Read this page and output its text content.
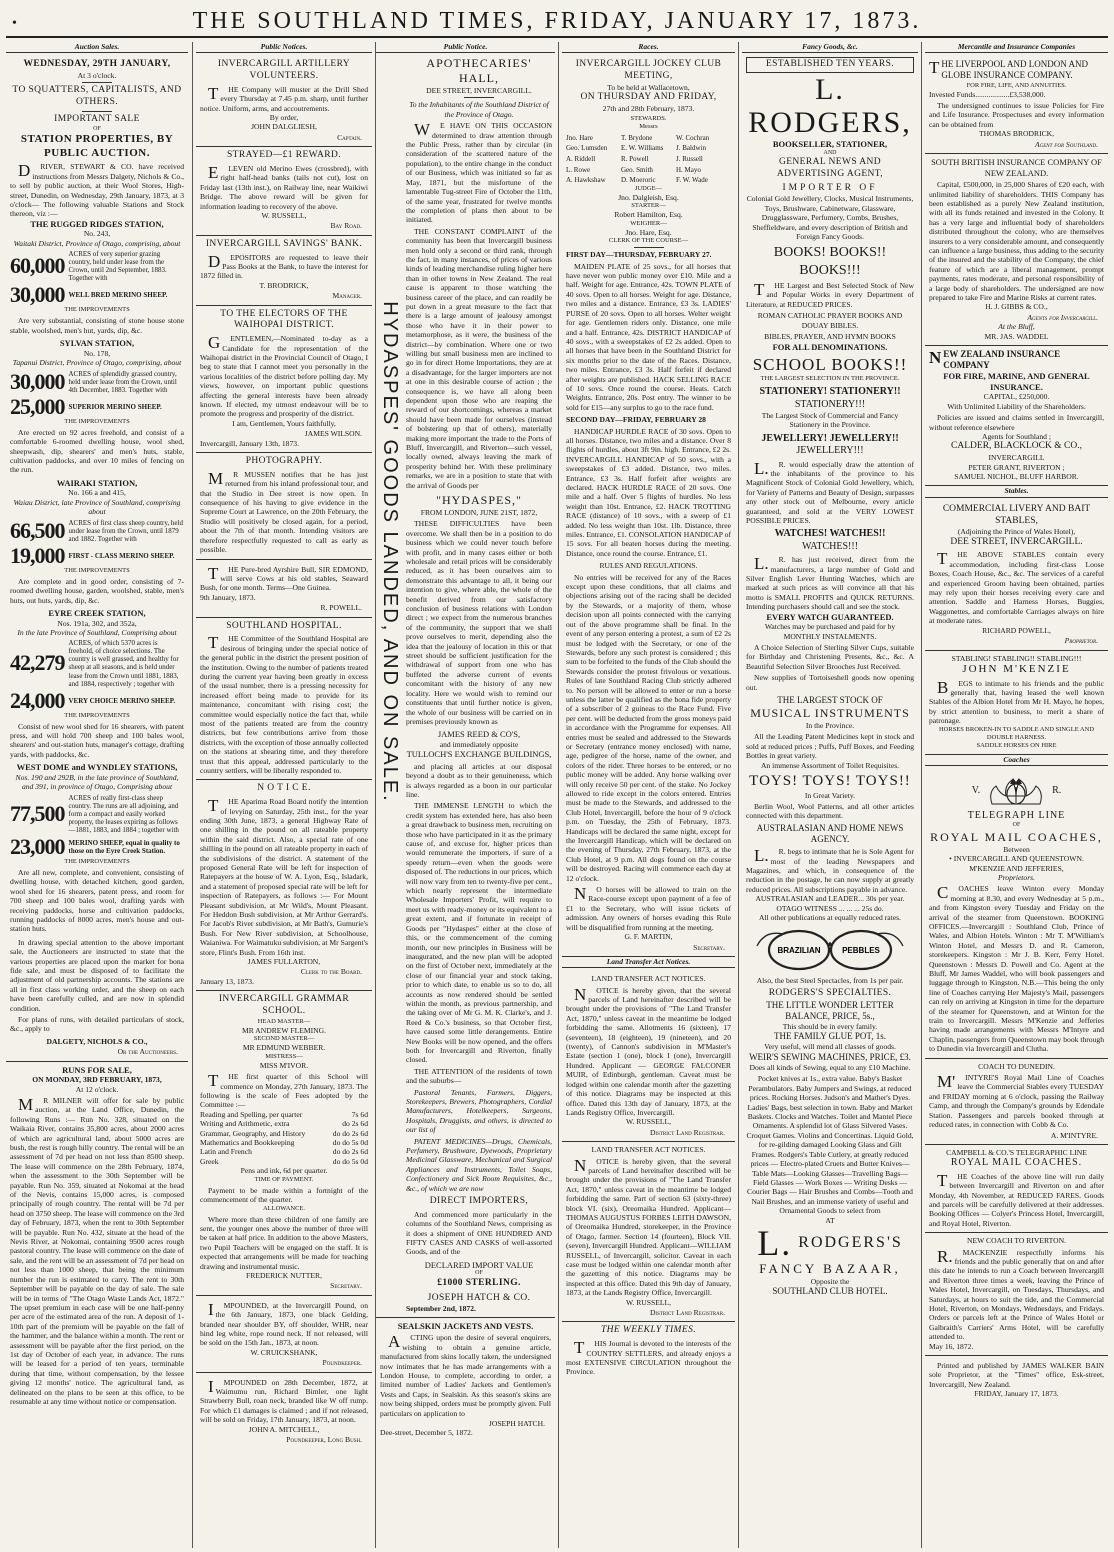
•	THE SOUTHLAND TIMES, FRIDAY, JANUARY 17, 1873.
Auction Sales.
WEDNESDAY, 29TH JANUARY,
At 3 o'clock.
TO SQUATTERS, CAPITALISTS, AND OTHERS.
IMPORTANT SALE
OF
STATION PROPERTIES, BY PUBLIC AUCTION.
DRIVER, STEWART & CO. have received instructions from Messrs Dalgety, Nichols & Co., to sell by public auction, at their Wool Stores, High-street, Dunedin, on Wednesday, 29th January, 1873, at 3 o'clock— The following valuable Stations and Stock thereon, viz :—
THE RUGGED RIDGES STATION,
No. 243,
Waitaki District, Province of Otago, comprising, about
60,000 ACRES of very superior grazing country, held under lease from the Crown, until 2nd September, 1883. Together with
30,000 WELL BRED MERINO SHEEP.
THE IMPROVEMENTS
Are very substantial, consisting of stone house stone stable, woolshed, men's hut, yards, dip, &c.
SYLVAN STATION,
No. 178,
Tapanui District, Province of Otago, comprising, about
30,000 ACRES of splendidly grassed country, held under lease from the Crown, until 4th December, 1883. Together with
25,000 SUPERIOR MERINO SHEEP.
THE IMPROVEMENTS
Are erected on 92 acres freehold, and consist of a comfortable 6-roomed dwelling house, wool shed, sheepwash, dip, shearers' and men's huts, stable, cultivation paddocks, and over 10 miles of fencing on the run.
WAIRAKI STATION,
No. 166 a and 415,
Waiau District, late Province of Southland, comprising about
66,500 ACRES of first class sheep country, held under lease from the Crown, until 1879 and 1882. Together with
19,000 FIRST - CLASS MERINO SHEEP.
THE IMPROVEMENTS
Are complete and in good order, consisting of 7-roomed dwelling house, garden, woolshed, stable, men's huts, out huts, yards, dip, &c.
EYRE CREEK STATION,
Nos. 191a, 302, and 352a,
In the late Province of Southland, Comprising about
42,279
ACRES, of which 5370 acres is freehold, of choice selections. The country is well grassed, and healthy for sheep at all seasons, and is held under lease from the Crown until 1881, 1883, and 1884, respectively ; together with
24,000 VERY CHOICE MERINO SHEEP.
THE IMPROVEMENTS
Consist of new wool shed for 16 shearers, with patent press, and will hold 700 sheep and 100 bales wool, shearers' and out-station huts, manager's cottage, drafting yards, with paddocks, &c.
WEST DOME and WYNDLEY STATIONS,
Nos. 190 and 292B, in the late province of Southland, and 391, in province of Otago, Comprising about
77,500
ACRES of really first-class sheep country. The runs are all adjoining, and form a compact and easily worked property, the leases expiring as follows—1881, 1883, and 1884 ; together with
23,000 MERINO SHEEP, equal in quality to those on the Eyre Creek Station.
THE IMPROVEMENTS
Are all new, complete, and convenient, consisting of dwelling house, with detached kitchen, good garden, wool shed for 16 shearers, patent press, and room for 700 sheep and 100 bales wool, drafting yards with receiving paddocks, horse and cultivation paddocks, running paddocks of 8000 acres, men's house and out-station huts.
In drawing special attention to the above important sale, the Auctioneers are instructed to state that the various properties are placed upon the market for bona fide sale, and must be disposed of to facilitate the adjustment of old partnership accounts. The stations are all in first class working order, and the sheep on each have been carefully culled, and are now in splendid condition.
For plans of runs, with detailed particulars of stock, &c., apply to
DALGETY, NICHOLS & CO.,
Or the Auctioneers.
RUNS FOR SALE,
ON MONDAY, 3RD FEBRUARY, 1873,
At 12 o'clock.
MR MILNER will offer for sale by public auction, at the Land Office, Dunedin, the following Runs :— Run No. 328, situated on the Waikaia River, contains 35,800 acres, about 2000 acres of which are agricultural land, about 5000 acres are bush, the rest is rough hilly country. The rental will be an assessment of 7d per head on not less than 8500 sheep. The lease will commence on the 28th February, 1874, when the assessment to the 30th September will be payable. Run No. 359, situated at Nokomai at the head of the Nevis, contains 15,000 acres, is composed principally of rough country. The rental will be 7d per head on 3750 sheep. The lease will commence on the 3rd day of February, 1873, when the rent to 30th September will be payable. Run No. 432, situate at the head of the Nevis River, at Nokomai, containing 9500 acres rough pastoral country. The lease will commence on the date of sale, and the rent will be an assessment of 7d per head on not less than 1000 sheep, that being the minimum number the run is estimated to carry. The rent to 30th September will be payable on the day of sale. The sale will be in terms of "The Otago Waste Lands Act, 1872." The upset premium in each case will be one half-penny per acre of the estimated area of the run. A deposit of 1-10th part of the premium will be payable on the fall of the hammer, and the balance within a month. The rent or assessment will be payable after the first period, on the 1st day of October of each year, in advance. The runs will be leased for a period of ten years, terminable during that time, without compensation, by the lessee giving 12 months' notice. The agricultural land, as delineated on the plans to be seen at this office, to be resumable at any time without notice or compensation.
Public Notices.
INVERCARGILL ARTILLERY VOLUNTEERS.
THE Company will muster at the Drill Shed every Thursday at 7.45 p.m. sharp, until further notice. Uniform, arms, and accoutrements.
By order,
JOHN DALGLIESH,
Captain.
STRAYED—£1 REWARD.
ELEVEN old Merino Ewes (crossbred), with right half-head banks (tails not cut), lost on Friday last (13th inst.), on Railway line, near Waikiwi Bridge. The above reward will be given for information leading to recovery of the above.
W. RUSSELL,
Bay Road.
INVERCARGILL SAVINGS' BANK.
DEPOSITORS are requested to leave their Pass Books at the Bank, to have the interest for 1872 filled in.
T. BRODRICK,
Manager.
TO THE ELECTORS OF THE WAIHOPAI DISTRICT.
GENTLEMEN,—Nominated to-day as a Candidate for the representation of the Waihopai district in the Provincial Council of Otago, I beg to state that I cannot meet you personally in the various localities of the district before polling day. My views, however, on important public questions affecting the general interests have been already known. If elected, my utmost endeavour will be to promote the progress and prosperity of the district.
I am, Gentlemen, Yours faithfully,
JAMES WILSON.
Invercargill, January 13th, 1873.
PHOTOGRAPHY.
MR MUSSEN notifies that he has just returned from his inland professional tour, and that the Studio in Dee street is now open. In consequence of his having to give evidence in the Supreme Court at Lawrence, on the 20th February, the Studio will positively be closed again, for a period, about the 7th of that month. Intending visitors are therefore respectfully requested to call as early as possible.
THE Pure-bred Ayrshire Bull, SIR EDMOND, will serve Cows at his old stables, Seaward Bush, for one month. Terms—One Guinea.
9th January, 1873.
R. POWELL.
SOUTHLAND HOSPITAL.
THE Committee of the Southland Hospital are desirous of bringing under the special notice of the general public in the district the present position of the institution. Owing to the number of patients treated during the current year having been greatly in excess of the usual number, there is a pressing necessity for increased effort being made to provide for its maintenance, concomitant with rising cost; the committee would especially notice the fact that, while most of the patients treated are from the country districts, but few contributions arrive from those districts, with the exception of those annually collected on the stations at shearing time, and they therefore trust that this appeal, addressed particularly to the country settlers, will be liberally responded to.
N O T I C E.
THE Aparima Road Board notify the intention of levying on Saturday, 25th inst., for the year ending 30th June, 1873, a general Highway Rate of one shilling in the pound on all rateable property within the said district. Also, a special rate of one shilling in the pound on all rateable property in each of the subdivisions of the district. A statement of the proposed General Rate will be left for inspection of Ratepayers at the house of W. A. Lyon, Esq., Isladark, and a statement of proposed special rate will be left for inspection of Ratepayers, as follows :— For Mount Pleasant subdivision, at Mr Wild's, Mount Pleasant. For Heddon Bush subdivision, at Mr Arthur Gerrard's. For Jacob's River subdivision, at Mr Bath's, Gumurie's Bush. For New River subdivision, at Schoolhouse, Waianiwa. For Waimatuku subdivision, at Mr Sargent's store, Flint's Bush. From 16th inst.
JAMES FULLARTON,
Clerk to the Board.
January 13, 1873.
INVERCARGILL GRAMMAR SCHOOL.
HEAD MASTER—
MR ANDREW FLEMING.
SECOND MASTER—
MR EDMUND WEBBER.
MISTRESS—
MISS M'IVOR.
THE first quarter of this School will commence on Monday, 27th January, 1873. The following is the scale of Fees adopted by the Committee :—
Reading and Spelling, per quarter	7s 6d
Writing and Arithmetic, extra	do 2s 6d
Grammar, Geography, and History	do do 2s 6d
Mathematics and Bookkeeping	do do 5s 0d
Latin and French	do do 2s 6d
Greek	do do 5s 0d
Pens and ink, 6d per quarter.
TIME OF PAYMENT.
Payment to be made within a fortnight of the commencement of the quarter.
ALLOWANCE.
Where more than three children of one family are sent, the younger ones above the number of three will be taken at half price. In addition to the above Masters, two Pupil Teachers will be engaged on the staff. It is expected that arrangements will be made for teaching drawing and instrumental music.
FREDERICK NUTTER,
Secretary.
IMPOUNDED, at the Invercargill Pound, on the 6th January, 1873, one black Gelding, branded near shoulder BY, off shoulder, WHR, near hind leg white, rope round neck. If not released, will be sold on the 15th Jan., 1873, at noon.
W. CRUICKSHANK,
Poundkeeper.
IMPOUNDED on 28th December, 1872, at Waimumu run, Richard Bimler, one light Strawberry Bull, roan neck, branded like W off rump. For which £1 damages is claimed ; and if not released, will be sold on Friday, 17th January, 1873, at noon.
JOHN A. MITCHELL,
Poundkeeper, Long Bush.
Public Notice.
HYDASPES' GOODS LANDED, AND ON SALE.
APOTHECARIES' HALL,
DEE STREET, INVERCARGILL.
To the Inhabitants of the Southland District of the Province of Otago.
WE HAVE ON THIS OCCASION determined to draw attention through the Public Press, rather than by circular (in consideration of the scattered nature of the population), to the entire change in the conduct of our Business, which was initiated so far as May, 1871, but the misfortune of the lamentable Tug-street Fire of October the 11th, of the same year, frustrated for twelve months the completion of plans then about to be initiated.
THE CONSTANT COMPLAINT of the community has been that Invercargill business men hold only a second or third rank, through the fact, in many instances, of prices of various kinds of leading merchandise ruling higher here than in other towns in New Zealand. The real cause is apparent to those watching the business career of the place, and can readily be put down in a great measure to the fact that there is a large amount of jealousy amongst those who have it in their power to metamorphose, as it were, the business of the district—by combination. Where one or two willing but small business men are inclined to go in for direct Home Importations, they are at a disadvantage, for the larger importers are not at one in this desirable course of action ; the consequence is, we have all along been dependent upon those who are reaping the reward of our shortcomings, whereas a market should have been made for ourselves (instead of bolstering up that of others), materially making more important the trade to the Ports of Bluff, Invercargill, and Riverton—such vessel, locally owned, always leaving the mark of prosperity behind her. With these preliminary remarks, we are in a position to state that with the arrival of Goods per
"HYDASPES,"
FROM LONDON, JUNE 21ST, 1872,
THESE DIFFICULTIES have been overcome. We shall then be in a position to do business which we could never touch before with profit, and in many cases either or both wholesale and retail prices will be considerably reduced, as it has been ourselves aim to demonstrate this advantage to all, it being our intention to give, where able, the whole of the benefit derived from our satisfactory conclusion of business relations with London direct ; we expect from the numerous branches of the community, the support that we shall prove ourselves to merit, depending also the idea that the jealousy of location in this or that street should be sufficient justification for the withdrawal of support from one who has buffeted the adverse current of events concomitant with the history of any new locality. Here we would wish to remind our constituents that until further notice is given, the whole of our business will be carried on in premises previously known as
JAMES REED & CO'S,
and immediately opposite
TULLOCH'S EXCHANGE BUILDINGS,
and placing all articles at our disposal beyond a doubt as to their genuineness, which is always regarded as a boon in our particular line.
THE IMMENSE LENGTH to which the credit system has extended here, has also been a great drawback to business men, recruiting on those who have participated in it as the primary cause of, and excuse for, higher prices than would remunerate the importers, if sure of a speedy return—even when the goods were disposed of. The reductions in our prices, which will now vary from ten to twenty-five per cent., which nearly represent the intermediate Wholesale Importers' Profit, will require to meet us with ready-money or its equivalent to a great extent, and if fortunate in receipt of Goods per "Hydaspes" either at the close of this, or the commencement of the coming month, our new principles in Business will be inaugurated, and the new plan will be adopted on the first of October next, immediately at the close of our financial year and stock taking, prior to which date, to enable us so to do, all accounts as now rendered should be settled within the month, as previous partnership, and the taking over of Mr G. M. K. Clarke's, and J. Reed & Co.'s business, so that October first, have caused some little derangements. Entire New Books will be now opened, and the offers both for Invercargill and Riverton, finally closed.
THE ATTENTION of the residents of town and the suburbs—
Pastoral Tenants, Farmers, Diggers, Storekeepers, Brewers, Photographers, Cordial Manufacturers, Hotelkeepers, Surgeons, Hospitals, Druggists, and others, is directed to our list of
PATENT MEDICINES—Drugs, Chemicals, Perfumery, Brushware, Dyewoods, Proprietary Medicinal Glassware, Mechanical and Surgical Appliances and Instruments, Toilet Soaps, Confectionery and Sick Room Requisites, &c., &c., of which we are now
DIRECT IMPORTERS,
And commenced more particularly in the columns of the Southland News, comprising as it does a shipment of ONE HUNDRED AND FIFTY CASES AND CASKS of well-assorted Goods, and of the
DECLARED IMPORT VALUE
OF
£1000 STERLING.
JOSEPH HATCH & CO.
September 2nd, 1872.
SEALSKIN JACKETS AND VESTS.
ACTING upon the desire of several enquirers, wishing to obtain a genuine article, manufactured from skins locally taken, the undersigned now intimates that he has made arrangements with a London House, to complete, according to order, a limited number of Ladies' Jackets and Gentlemen's Vests and Caps, in Sealskin. As this season's skins are now being shipped, orders must be promptly given. Full particulars on application to
JOSEPH HATCH.
Dee-street, December 5, 1872.
Races.
INVERCARGILL JOCKEY CLUB MEETING,
To be held at Wallacetown,
ON THURSDAY AND FRIDAY,
27th and 28th February, 1873.
STEWARDS.
Messrs
Jno. Hare	T. Brydone	W. Cochran
Geo. Lumsden	E. W. Williams	J. Baldwin
A. Riddell	R. Powell	J. Russell
L. Rowe	Geo. Smith	H. Mayo
A. Hawkshaw	D. Moeroric	F. W. Wade
JUDGE—
Jno. Dalgleish, Esq.
STARTER—
Robert Hamilton, Esq.
WEIGHER—
Jno. Hare, Esq.
CLERK OF THE COURSE—
FIRST DAY—THURSDAY, FEBRUARY 27.
MAIDEN PLATE of 25 sovs., for all horses that have never won public money over £10. Mile and a half. Weight for age. Entrance, 42s. TOWN PLATE of 40 sovs. Open to all horses. Weight for age. Distance, two miles and a distance. Entrance, £3 3s. LADIES' PURSE of 20 sovs. Open to all horses. Welter weight for age. Gentlemen riders only. Distance, one mile and a half. Entrance, 42s. DISTRICT HANDICAP of 40 sovs., with a sweepstakes of £2 2s added. Open to all horses that have been in the Southland District for six months prior to the date of the Races. Distance, two miles. Entrance, £3 3s. Half forfeit if declared after weights are published. HACK SELLING RACE of 10 sovs. Once round the course. Heats. Catch Weights. Entrance, 20s. Post entry. The winner to be sold for £15—any surplus to go to the race fund.
SECOND DAY—FRIDAY, FEBRUARY 28
HANDICAP HURDLE RACE of 30 sovs. Open to all horses. Distance, two miles and a distance. Over 8 flights of hurdles, about 3ft 9in. high. Entrance, £2 2s. INVERCARGILL HANDICAP of 50 sovs., with a sweepstakes of £3 added. Distance, two miles. Entrance, £3 3s. Half forfeit after weights are declared. HACK HURDLE RACE of 20 sovs. One mile and a half. Over 5 flights of hurdles. No less weight than 10st. Entrance, £2. HACK TROTTING RACE (distance) of 10 sovs., with a sweep of £1 added. No less weight than 10st. 1lb. Distance, three miles. Entrance, £1. CONSOLATION HANDICAP of 15 sovs. For all beaten horses during the meeting. Distance, once round the course. Entrance, £1.
RULES AND REGULATIONS.
No entries will be received for any of the Races except upon these conditions, that all claims and objections arising out of the racing shall be decided by the Stewards, or a majority of them, whose decision upon all points connected with the carrying out of the above programme shall be final. In the event of any person entering a protest, a sum of £2 2s must be lodged with the Secretary, or one of the Stewards, before any such protest is considered ; this sum to be forfeited to the funds of the Club should the Stewards consider the protest frivolous or vexatious. Rules of late Southland Racing Club strictly adhered to. No person will be allowed to enter or run a horse unless the latter be qualified as the bona fide property of a subscriber of 2 guineas to the Race Fund. Five per cent. will be deducted from the gross moneys paid in accordance with the Programme for expenses. All entries must be sealed and addressed to the Stewards or Secretary (entrance money enclosed) with name, age, pedigree of the horse, name of the owner, and colors of the rider. Three horses to be entered, or no public money will be added. Any horse walking over will only receive 50 per cent. of the stake. No Jockey allowed to ride except in the colors entered. Entries must be made to the Stewards, and addressed to the Club Hotel, Invercargill, before the hour of 9 o'clock p.m. on Tuesday, the 25th of February, 1873. Handicaps will be declared the same night, except for the Invercargill Handicap, which will be declared on the evening of Thursday, 27th February, 1873, at the Club Hotel, at 9 p.m. All dogs found on the course will be destroyed. Racing will commence each day at 12 o'clock.
NO horses will be allowed to train on the Race-course except upon payment of a fee of £1 to the Secretary, who will issue tickets of admission. Any owners of horses evading this Rule will be disqualified from running at the meeting.
G. F. MARTIN,
Secretary.
Land Transfer Act Notices.
LAND TRANSFER ACT NOTICES.
NOTICE is hereby given, that the several parcels of Land hereinafter described will be brought under the provisions of "The Land Transfer Act, 1870," unless caveat in the meantime be lodged forbidding the same. Allotments 16 (sixteen), 17 (seventeen), 18 (eighteen), 19 (nineteen), and 20 (twenty), of Cannon's subdivision in M'Master's Estate (section 1 (one), block I (one), Invercargill Hundred. Applicant — GEORGE FALCONER MUIR, of Edinburgh, gentleman. Caveat must be lodged within one calendar month after the gazetting of this notice. Diagrams may be inspected at this office. Dated this 13th day of January, 1873, at the Lands Registry Office, Invercargill.
W. RUSSELL,
District Land Registrar.
LAND TRANSFER ACT NOTICES.
NOTICE is hereby given, that the several parcels of Land hereinafter described will be brought under the provisions of "The Land Transfer Act, 1870," unless caveat in the meantime be lodged forbidding the same. Part of section 63 (sixty-three) block VI. (six), Oreomaika Hundred. Applicant—THOMAS AUGUSTUS FORBES LEITH DAWSON, of Oreomaika Hundred, storekeeper, in the Province of Otago, farmer. Section 14 (fourteen), Block VII. (seven), Invercargill Hundred. Applicant—WILLIAM RUSSELL, of Invercargill, solicitor. Caveat in each case must be lodged within one calendar month after the gazetting of this notice. Diagrams may be inspected at this office. Dated this 9th day of January, 1873, at the Lands Registry Office, Invercargill.
W. RUSSELL,
District Land Registrar.
THE WEEKLY TIMES.
THIS Journal is devoted to the interests of the COUNTRY SETTLERS, and already enjoys a most EXTENSIVE CIRCULATION throughout the Province.
Fancy Goods, &c.
ESTABLISHED TEN YEARS.
L. RODGERS,
BOOKSELLER, STATIONER,
AND
GENERAL NEWS AND ADVERTISING AGENT,
IMPORTER OF
Colonial Gold Jewellery, Clocks, Musical Instruments, Toys, Brushware, Cabinetware, Glassware, Drugglassware, Perfumery, Combs, Brushes, Sheffieldware, and every description of British and Foreign Fancy Goods.
BOOKS! BOOKS!! BOOKS!!!
THE Largest and Best Selected Stock of New and Popular Works in every Department of Literature, at REDUCED PRICES.
ROMAN CATHOLIC PRAYER BOOKS AND DOUAY BIBLES.
BIBLES, PRAYER, AND HYMN BOOKS
FOR ALL DENOMINATIONS.
SCHOOL BOOKS!!
THE LARGEST SELECTION IN THE PROVINCE.
STATIONERY! STATIONERY!!
STATIONERY!!!
The Largest Stock of Commercial and Fancy Stationery in the Province.
JEWELLERY! JEWELLERY!!
JEWELLERY!!!
L.R. would especially draw the attention of the inhabitants of the province to his Magnificent Stock of Colonial Gold Jewellery, which, for Variety of Patterns and Beauty of Design, surpasses any other stock out of Melbourne, every article guaranteed, and sold at the VERY LOWEST POSSIBLE PRICES.
WATCHES! WATCHES!!
WATCHES!!!
L.R. has just received, direct from the manufacturers, a large number of Gold and Silver English Lever Hunting Watches, which are marked at such prices as will convince all that his motto is SMALL PROFITS and QUICK RETURNS. Intending purchasers should call and see the stock.
EVERY WATCH GUARANTEED.
Watches may be purchased and paid for by MONTHLY INSTALMENTS.
A Choice Selection of Sterling Silver Cups, suitable for Birthday and Christening Presents, &c., &c. A Beautiful Selection Silver Brooches Just Received.
New supplies of Tortoiseshell goods now opening out.
THE LARGEST STOCK OF
MUSICAL INSTRUMENTS
In the Province.
All the Leading Patent Medicines kept in stock and sold at reduced prices ; Puffs, Puff Boxes, and Feeding Bottles in great variety.
An immense Assortment of Toilet Requisites.
TOYS! TOYS! TOYS!!
In Great Variety.
Berlin Wool, Wool Patterns, and all other articles connected with this department.
AUSTRALASIAN AND HOME NEWS AGENCY.
L.R. begs to intimate that he is Sole Agent for most of the leading Newspapers and Magazines, and which, in consequence of the reduction in the postage, he can now supply at greatly reduced prices. All subscriptions payable in advance.
AUSTRALASIAN and LEADER... 30s per year. OTAGO WITNESS ... ... ... 25s do.
All other publications at equally reduced rates.
BRAZILIAN	PEBBLES
Also, the best Steel Spectacles, from 1s per pair.
RODGERS'S SPECIALTIES.
THE LITTLE WONDER LETTER BALANCE, PRICE, 5s.,
This should be in every family.
THE FAMILY GLUE POT, 1s.
Very useful, will mend all classes of goods.
WEIR'S SEWING MACHINES, PRICE, £3.
Does all kinds of Sewing, equal to any £10 Machine.
Pocket knives at 1s., extra value. Baby's Basket Perambulators. Baby Jumpers and Swings, at reduced prices. Rocking Horses. Judson's and Mather's Dyes. Ladies' Bags, best selection in town. Baby and Market Baskets. Clocks and Watches. Toilet and Mantel Piece Ornaments. A splendid lot of Glass Silvered Vases. Croquet Games. Violins and Concertinas. Liquid Gold, for re-gilding damaged Looking Glass and Gilt Frames. Rodgers's Table Cutlery, at greatly reduced prices — Electro-plated Cruets and Butter Knives—Table Mats—Looking Glasses—Travelling Bags—Field Glasses — Work Boxes — Writing Desks — Courier Bags — Hair Brushes and Combs—Tooth and Nail Brushes, and an immense variety of useful and Ornamental Goods to select from
AT
L. RODGERS'S
FANCY BAZAAR,
Opposite the
SOUTHLAND CLUB HOTEL.
Mercantile and Insurance Companies
THE LIVERPOOL AND LONDON AND GLOBE INSURANCE COMPANY.
FOR FIRE, LIFE, AND ANNUITIES.
Invested Funds..................£3,538,000.
The undersigned continues to issue Policies for Fire and Life Insurance. Prospectuses and every information can be obtained from
THOMAS BRODRICK,
Agent for Southland.
SOUTH BRITISH INSURANCE COMPANY OF NEW ZEALAND.
Capital, £500,000, in 25,000 Shares of £20 each, with unlimited liability of shareholders. THIS Company has been established as a purely New Zealand institution, with all its funds retained and invested in the Colony. It has a very large and influential body of shareholders distributed throughout the colony, who are themselves insurers to a very considerable amount, and consequently can influence a large business, thus adding to the security of the insured and the stability of the Company, the chief feature of which are a liberal management, prompt payments, rates moderate, and personal responsibility of a large body of shareholders. The undersigned are now prepared to take Fire and Marine Risks at current rates.
H. J. GIBBS & CO.,
Agents for Invercargill.
At the Bluff,
MR. JAS. WADDEL
NEW ZEALAND INSURANCE COMPANY
FOR FIRE, MARINE, AND GENERAL INSURANCE.
CAPITAL, £250,000.
With Unlimited Liability of the Shareholders.
Policies are issued and claims settled in Invercargill, without reference elsewhere
Agents for Southland ;
CALDER, BLACKLOCK & CO.,
INVERCARGILL
PETER GRANT, RIVERTON ;
SAMUEL NICHOL, BLUFF HARBOR.
Stables.
COMMERCIAL LIVERY AND BAIT STABLES,
(Adjoining the Prince of Wales Hotel),
DEE STREET, INVERCARGILL.
THE ABOVE STABLES contain every accommodation, including first-class Loose Boxes, Coach House, &c., &c. The services of a careful and experienced Groom having been obtained, parties may rely upon their horses receiving every care and attention. Saddle and Harness Horses, Buggies, Waggonettes, and comfortable Carriages always on hire at moderate rates.
RICHARD POWELL,
Proprietor.
STABLING! STABLING!! STABLING!!!
JOHN M'KENZIE
BEGS to intimate to his friends and the public generally that, having leased the well known Stables of the Albion Hotel from Mr H. Mayo, he hopes, by strict attention to business, to merit a share of patronage.
HORSES BROKEN-IN TO SADDLE AND SINGLE AND DOUBLE HARNESS.
SADDLE HORSES ON HIRE
Coaches
V.	R.
TELEGRAPH LINE
OF
ROYAL MAIL COACHES,
Between
• INVERCARGILL AND QUEENSTOWN.
M'KENZIE AND JEFFERIES,
Proprietors.
COACHES leave Winton every Monday morning at 8.30, and every Wednesday at 5 p.m., and from Kingston every Tuesday and Friday on the arrival of the steamer from Queenstown. BOOKING OFFICES.—Invercargill : Southland Club, Prince of Wales, and Albion Hotels. Winton : Mr T. M'William's Winton Hotel, and Messrs D. and R. Cameron, storekeepers. Kingston : Mr J. B. Kerr, Ferry Hotel. Queenstown : Messrs D. Powell and Co. Agent at the Bluff, Mr James Waddel, who will book passengers and luggage through to Kingston. N.B.—This being the only line of Coaches carrying Her Majesty's Mail, passengers can rely on arriving at Kingston in time for the departure of the steamer for Queenstown, and at Winton for the train to Invercargill. Messrs M'Kenzie and Jefferies having made arrangements with Messrs M'Intyre and Chaplin, passengers from Queenstown may book through to Dunedin via Invercargill and Clutha.
COACH TO DUNEDIN.
M'INTYRE'S Royal Mail Line of Coaches leave the Commercial Stables every TUESDAY and FRIDAY morning at 6 o'clock, passing the Railway Camp, and through the Company's grounds by Edendale Station. Passengers and parcels booked through at reduced rates, in connection with Cobb & Co.
A. M'INTYRE.
CAMPBELL & CO.'S TELEGRAPHIC LINE
ROYAL MAIL COACHES.
THE Coaches of the above line will run daily between Invercargill and Riverton on and after Monday, 4th November, at REDUCED FARES. Goods and parcels will be carefully delivered at their addresses. Booking Offices — Colyer's Princess Hotel, Invercargill, and Royal Hotel, Riverton.
NEW COACH TO RIVERTON.
R.MACKENZIE respectfully informs his friends and the public generally that on and after this date he intends to run a Coach between Invercargill and Riverton three times a week, leaving the Prince of Wales Hotel, Invercargill, on Tuesdays, Thursdays, and Saturdays, at hours to suit the tide, and the Commercial Hotel, Riverton, on Mondays, Wednesdays, and Fridays. Orders or parcels left at the Prince of Wales Hotel or Galbraith's Carriers' Arms Hotel, will be carefully attended to.
May 16, 1872.
Printed and published by JAMES WALKER BAIN sole Proprietor, at the "Times" office, Esk-street, Invercargill, New Zealand.
FRIDAY, January 17, 1873.
